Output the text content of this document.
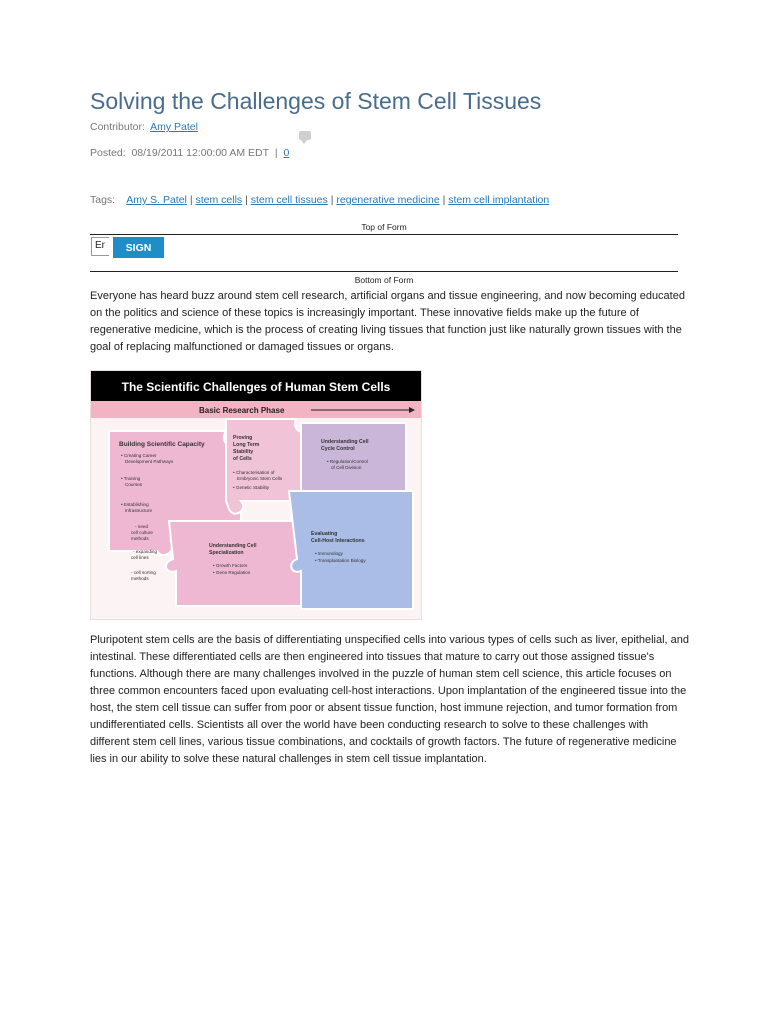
Solving the Challenges of Stem Cell Tissues
Contributor: Amy Patel
Posted: 08/19/2011 12:00:00 AM EDT | 0
Tags: Amy S. Patel | stem cells | stem cell tissues | regenerative medicine | stem cell implantation
Top of Form
Er	SIGN UP
Bottom of Form

Everyone has heard buzz around stem cell research, artificial organs and tissue engineering, and now becoming educated on the politics and science of these topics is increasingly important. These innovative fields make up the future of regenerative medicine, which is the process of creating living tissues that function just like naturally grown tissues with the goal of replacing malfunctioned or damaged tissues or organs.

The Scientific Challenges of Human Stem Cells
Basic Research Phase
Building Scientific Capacity
• Creating Career Development Pathways • Training Courses • Establishing Infrastructure - need cell culture methods - expanding cell lines - cell sorting methods
Proving Long Term Stability of Cells
• Characterisation of Embryonic Stem Cells • Genetic Stability
Understanding Cell Cycle Control
• Regulation/Control of Cell Division
Understanding Cell Specialization
• Growth Factors • Gene Regulation
Evaluating Cell-Host Interactions
• Immunology • Transplantation Biology

Pluripotent stem cells are the basis of differentiating unspecified cells into various types of cells such as liver, epithelial, and intestinal. These differentiated cells are then engineered into tissues that mature to carry out those assigned tissue's functions. Although there are many challenges involved in the puzzle of human stem cell science, this article focuses on three common encounters faced upon evaluating cell-host interactions. Upon implantation of the engineered tissue into the host, the stem cell tissue can suffer from poor or absent tissue function, host immune rejection, and tumor formation from undifferentiated cells. Scientists all over the world have been conducting research to solve to these challenges with different stem cell lines, various tissue combinations, and cocktails of growth factors. The future of regenerative medicine lies in our ability to solve these natural challenges in stem cell tissue implantation.
